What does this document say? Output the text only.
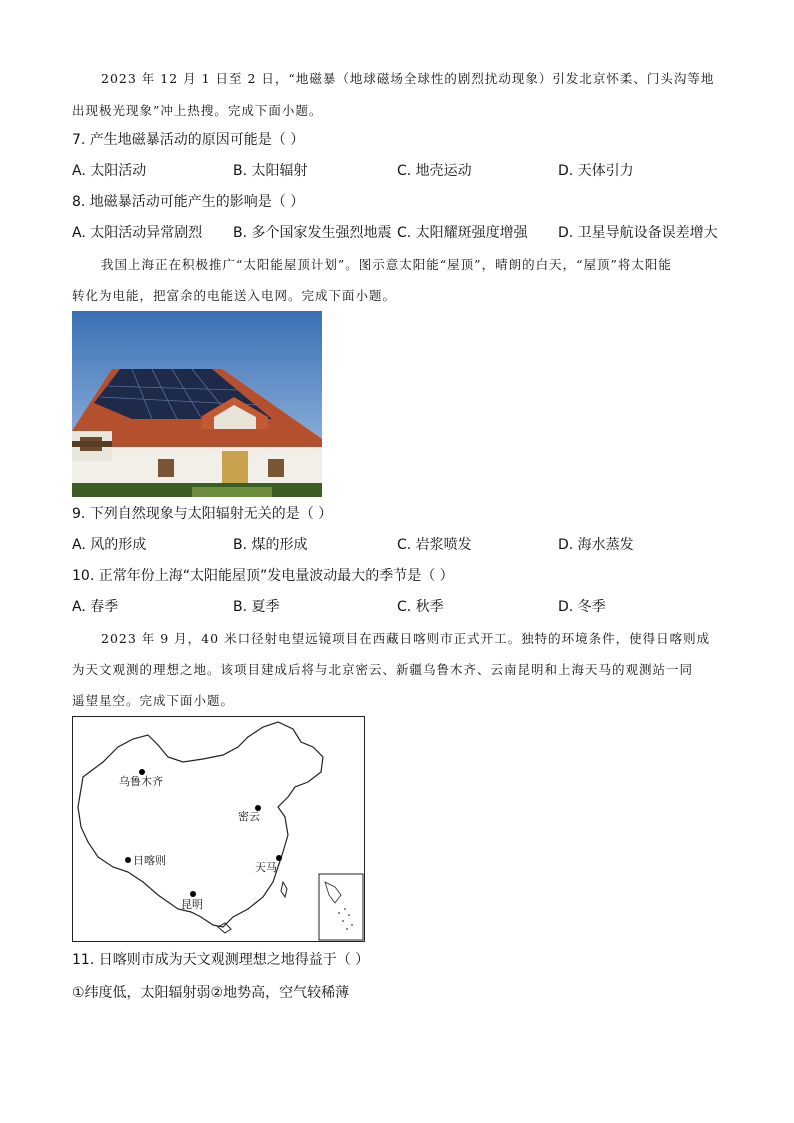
2023 年 12 月 1 日至 2 日，“地磁暴（地球磁场全球性的剧烈扰动现象）引发北京怀柔、门头沟等地
出现极光现象”冲上热搜。完成下面小题。
7. 产生地磁暴活动的原因可能是（ ）
A. 太阳活动	B. 太阳辐射	C. 地壳运动	D. 天体引力
8. 地磁暴活动可能产生的影响是（ ）
A. 太阳活动异常剧烈 B. 多个国家发生强烈地震 C. 太阳耀斑强度增强 D. 卫星导航设备误差增大
我国上海正在积极推广“太阳能屋顶计划”。图示意太阳能“屋顶”，晴朗的白天，“屋顶”将太阳能
转化为电能，把富余的电能送入电网。完成下面小题。
9. 下列自然现象与太阳辐射无关的是（ ）
A. 风的形成	B. 煤的形成	C. 岩浆喷发	D. 海水蒸发
10. 正常年份上海“太阳能屋顶”发电量波动最大的季节是（ ）
A. 春季	B. 夏季	C. 秋季	D. 冬季
2023 年 9 月，40 米口径射电望远镜项目在西藏日喀则市正式开工。独特的环境条件，使得日喀则成
为天文观测的理想之地。该项目建成后将与北京密云、新疆乌鲁木齐、云南昆明和上海天马的观测站一同
遥望星空。完成下面小题。
乌鲁木齐
密云
日喀则
天马
昆明
11. 日喀则市成为天文观测理想之地得益于（ ）
①纬度低，太阳辐射弱②地势高，空气较稀薄
